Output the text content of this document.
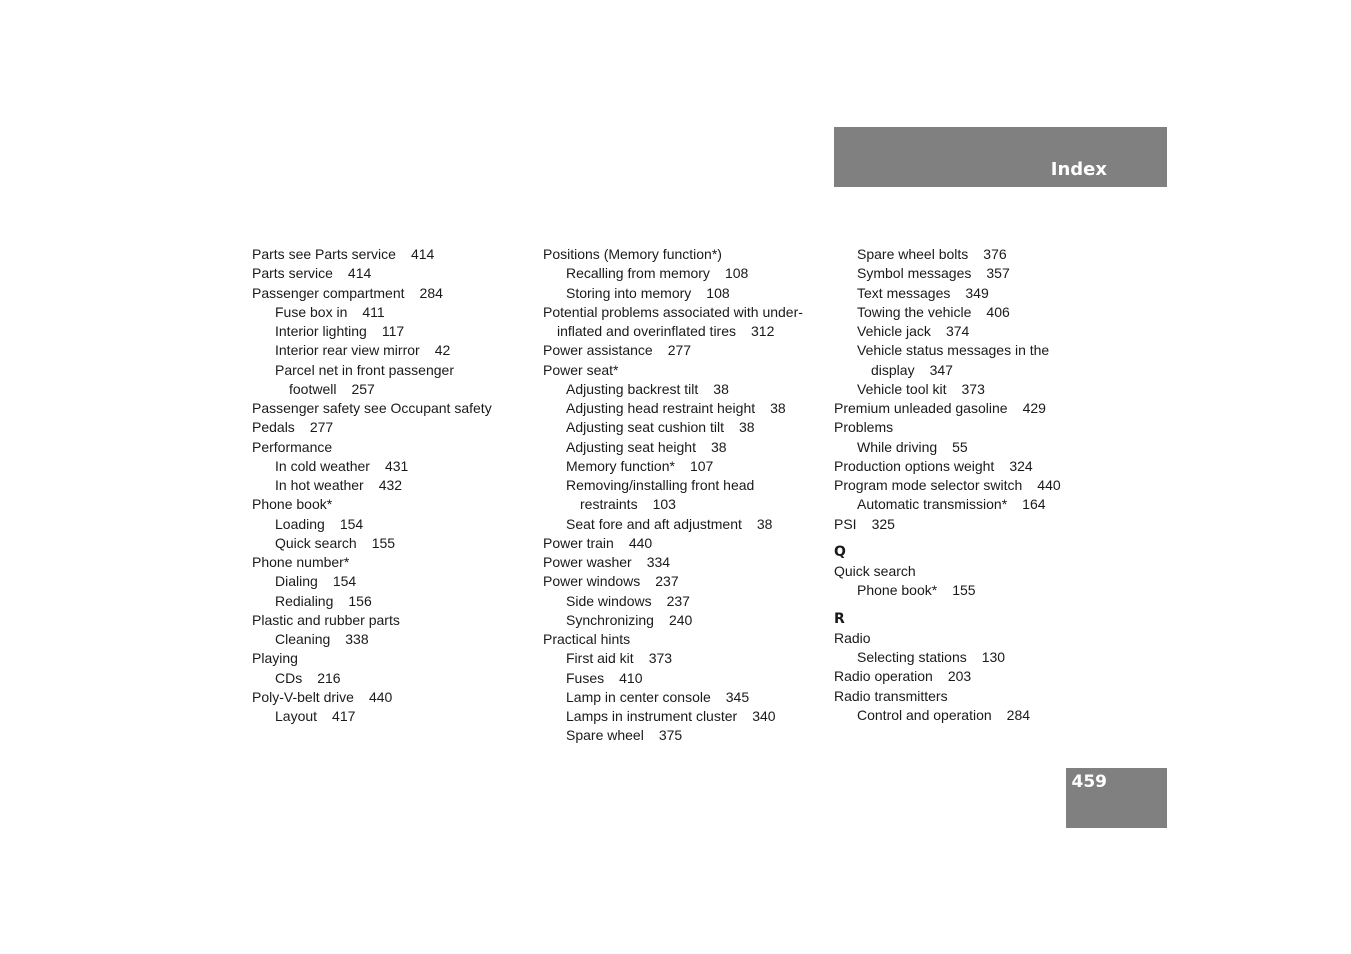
Index
Parts see Parts service 414
Parts service 414
Passenger compartment 284
Fuse box in 411
Interior lighting 117
Interior rear view mirror 42
Parcel net in front passenger
footwell 257
Passenger safety see Occupant safety
Pedals 277
Performance
In cold weather 431
In hot weather 432
Phone book*
Loading 154
Quick search 155
Phone number*
Dialing 154
Redialing 156
Plastic and rubber parts
Cleaning 338
Playing
CDs 216
Poly-V-belt drive 440
Layout 417
Positions (Memory function*)
Recalling from memory 108
Storing into memory 108
Potential problems associated with under-
inflated and overinflated tires 312
Power assistance 277
Power seat*
Adjusting backrest tilt 38
Adjusting head restraint height 38
Adjusting seat cushion tilt 38
Adjusting seat height 38
Memory function* 107
Removing/installing front head
restraints 103
Seat fore and aft adjustment 38
Power train 440
Power washer 334
Power windows 237
Side windows 237
Synchronizing 240
Practical hints
First aid kit 373
Fuses 410
Lamp in center console 345
Lamps in instrument cluster 340
Spare wheel 375
Spare wheel bolts 376
Symbol messages 357
Text messages 349
Towing the vehicle 406
Vehicle jack 374
Vehicle status messages in the
display 347
Vehicle tool kit 373
Premium unleaded gasoline 429
Problems
While driving 55
Production options weight 324
Program mode selector switch 440
Automatic transmission* 164
PSI 325
Q
Quick search
Phone book* 155
R
Radio
Selecting stations 130
Radio operation 203
Radio transmitters
Control and operation 284
459
